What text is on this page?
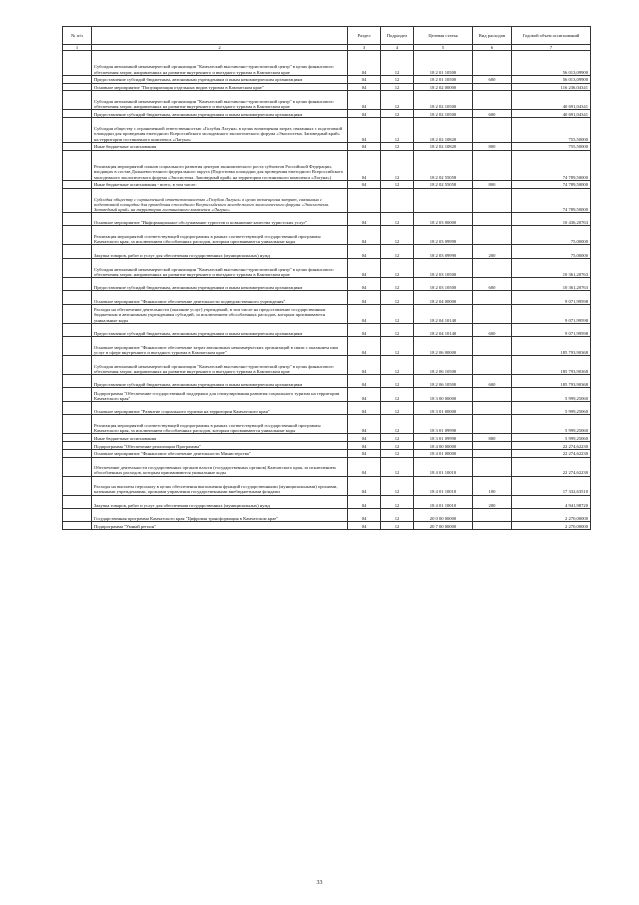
№ п/п		Раздел	Подраздел	Целевая статья	Вид расходов	Годовой объем ассигнований
1	2	3	4	5	6	7
	Субсидия автономной некоммерческой организации "Камчатский выставочно-туристический центр" в целях финансового обеспечения затрат, направленных на развитие внутреннего и въездного туризма в Камчатском крае	04	12	18 2 01 10500		56 013,09900
	Предоставление субсидий бюджетным, автономным учреждениям и иным некоммерческим организациям	04	12	18 2 01 10500	600	56 013,09900
	Основное мероприятие "Популяризация отдельных видов туризма в Камчатском крае"	04	12	18 2 02 00000		116 236,04341
	Субсидия автономной некоммерческой организации "Камчатский выставочно-туристический центр" в целях финансового обеспечения затрат, направленных на развитие внутреннего и въездного туризма в Камчатском крае	04	12	18 2 02 10500		40 691,04341
	Предоставление субсидий бюджетным, автономным учреждениям и иным некоммерческим организациям	04	12	18 2 02 10500	600	40 691,04341
	Субсидия обществу с ограниченной ответственностью «Голубая Лагуна» в целях возмещения затрат, связанных с подготовкой площадки для проведения ежегодного Всероссийского молодежного экологического форума «Экосистема. Заповедный край» на территории гостиничного комплекса «Лагуна»	04	12	18 2 02 10820		755,50000
	Иные бюджетные ассигнования	04	12	18 2 02 10820	800	755,50000
	Реализация мероприятий планов социального развития центров экономического роста субъектов Российской Федерации, входящих в состав Дальневосточного федерального округа (Подготовка площадки для проведения ежегодного Всероссийского молодежного экологического форума «Экосистема. Заповедный край» на территории гостиничного комплекса «Лагуна»)	04	12	18 2 02 55058		74 789,50000
	Иные бюджетные ассигнования - всего, в том числе:	04	12	18 2 02 55058	800	74 789,50000
	Субсидия обществу с ограниченной ответственностью «Голубая Лагуна» в целях возмещения затрат, связанных с подготовкой площадки для проведения ежегодного Всероссийского молодежного экологического форума «Экосистема. Заповедный край» на территории гостиничного комплекса «Лагуна»					74 789,50000
	Основное мероприятие "Информационное обслуживание туристов и повышение качества туристских услуг"	04	12	18 2 03 00000		10 436,20763
	Реализация мероприятий соответствующей подпрограммы в рамках соответствующей государственной программы Камчатского края, за исключением обособленных расходов, которым присваиваются уникальные коды	04	12	18 2 03 09990		75,00000
	Закупка товаров, работ и услуг для обеспечения государственных (муниципальных) нужд	04	12	18 2 03 09990	200	75,00000
	Субсидия автономной некоммерческой организации "Камчатский выставочно-туристический центр" в целях финансового обеспечения затрат, направленных на развитие внутреннего и въездного туризма в Камчатском крае	04	12	18 2 03 10500		10 361,20763
	Предоставление субсидий бюджетным, автономным учреждениям и иным некоммерческим организациям	04	12	18 2 03 10500	600	10 361,20763
	Основное мероприятие "Финансовое обеспечение деятельности подведомственного учреждения"	04	12	18 2 04 00000		9 071,99598
	Расходы на обеспечение деятельности (оказание услуг) учреждений, в том числе на предоставление государственным бюджетным и автономным учреждениям субсидий, за исключением обособленных расходов, которым присваиваются уникальные коды	04	12	18 2 04 10140		9 071,99598
	Предоставление субсидий бюджетным, автономным учреждениям и иным некоммерческим организациям	04	12	18 2 04 10140	600	9 071,99598
	Основное мероприятие "Финансовое обеспечение затрат автономных некоммерческих организаций в связи с оказанием ими услуг в сфере внутреннего и въездного туризма в Камчатском крае"	04	12	18 2 06 00000		185 793,90368
	Субсидия автономной некоммерческой организации "Камчатский выставочно-туристический центр" в целях финансового обеспечения затрат, направленных на развитие внутреннего и въездного туризма в Камчатском крае	04	12	18 2 06 10500		185 793,90368
	Предоставление субсидий бюджетным, автономным учреждениям и иным некоммерческим организациям	04	12	18 2 06 10500	600	185 793,90368
	Подпрограмма "Обеспечение государственной поддержки для стимулирования развития социального туризма на территории Камчатского края"	04	12	18 3 00 00000		5 999,25060
	Основное мероприятие "Развитие социального туризма на территории Камчатского края"	04	12	18 3 01 00000		5 999,25060
	Реализация мероприятий соответствующей подпрограммы в рамках соответствующей государственной программы Камчатского края, за исключением обособленных расходов, которым присваиваются уникальные коды	04	12	18 3 01 09990		5 999,25060
	Иные бюджетные ассигнования	04	12	18 3 01 09990	800	5 999,25060
	Подпрограмма "Обеспечение реализации Программы"	04	12	18 4 00 00000		22 274,62230
	Основное мероприятие "Финансовое обеспечение деятельности Министерства"	04	12	18 4 01 00000		22 274,62230
	Обеспечение деятельности государственных органов власти (государственных органов) Камчатского края, за исключением обособленных расходов, которым присваиваются уникальные коды	04	12	18 4 01 10010		22 274,62230
	Расходы на выплаты персоналу в целях обеспечения выполнения функций государственными (муниципальными) органами, казенными учреждениями, органами управления государственными внебюджетными фондами	04	12	18 4 01 10010	100	17 332,63510
	Закупка товаров, работ и услуг для обеспечения государственных (муниципальных) нужд	04	12	18 4 01 10010	200	4 941,98720
	Государственная программа Камчатского края "Цифровая трансформация в Камчатском крае"	04	12	20 0 00 00000		2 270,00000
	Подпрограмма "Умный регион"	04	12	20 7 00 00000		2 270,00000
33
